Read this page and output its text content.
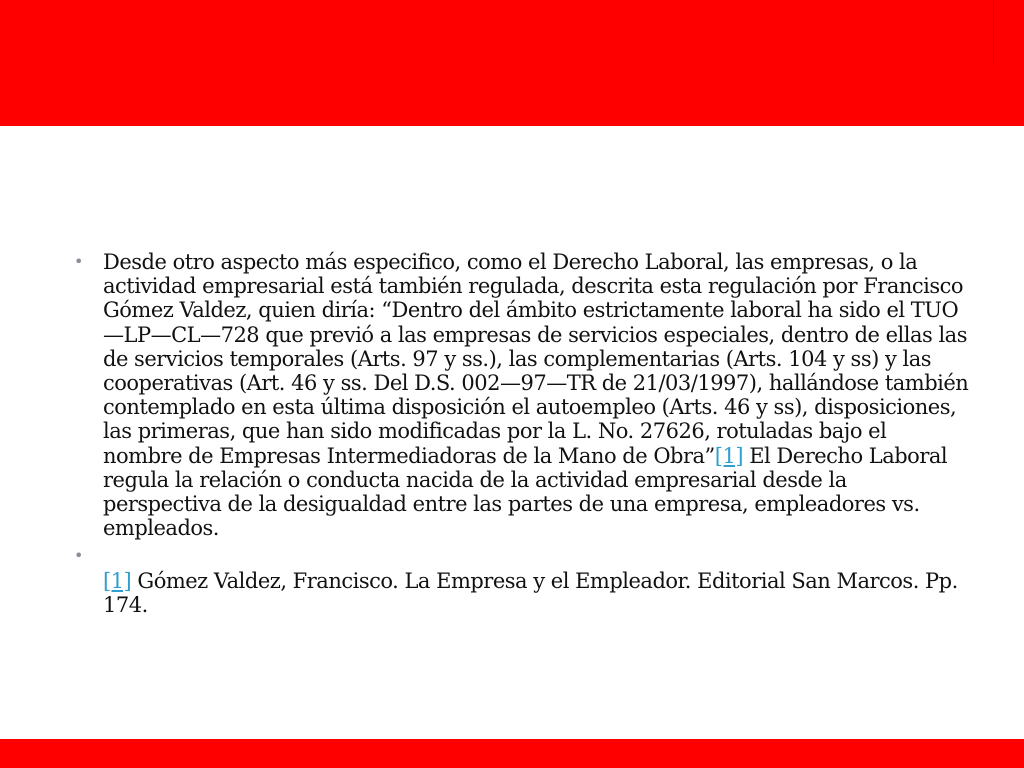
• Desde otro aspecto más especifico, como el Derecho Laboral, las empresas, o la actividad empresarial está también regulada, descrita esta regulación por Francisco Gómez Valdez, quien diría: “Dentro del ámbito estrictamente laboral ha sido el TUO—LP—CL—728 que previó a las empresas de servicios especiales, dentro de ellas las de servicios temporales (Arts. 97 y ss.), las complementarias (Arts. 104 y ss) y las cooperativas (Art. 46 y ss. Del D.S. 002—97—TR de 21/03/1997), hallándose también contemplado en esta última disposición el autoempleo (Arts. 46 y ss), disposiciones, las primeras, que han sido modificadas por la L. No. 27626, rotuladas bajo el nombre de Empresas Intermediadoras de la Mano de Obra”[1] El Derecho Laboral regula la relación o conducta nacida de la actividad empresarial desde la perspectiva de la desigualdad entre las partes de una empresa, empleadores vs. empleados.

•

[1] Gómez Valdez, Francisco. La Empresa y el Empleador. Editorial San Marcos. Pp. 174.
